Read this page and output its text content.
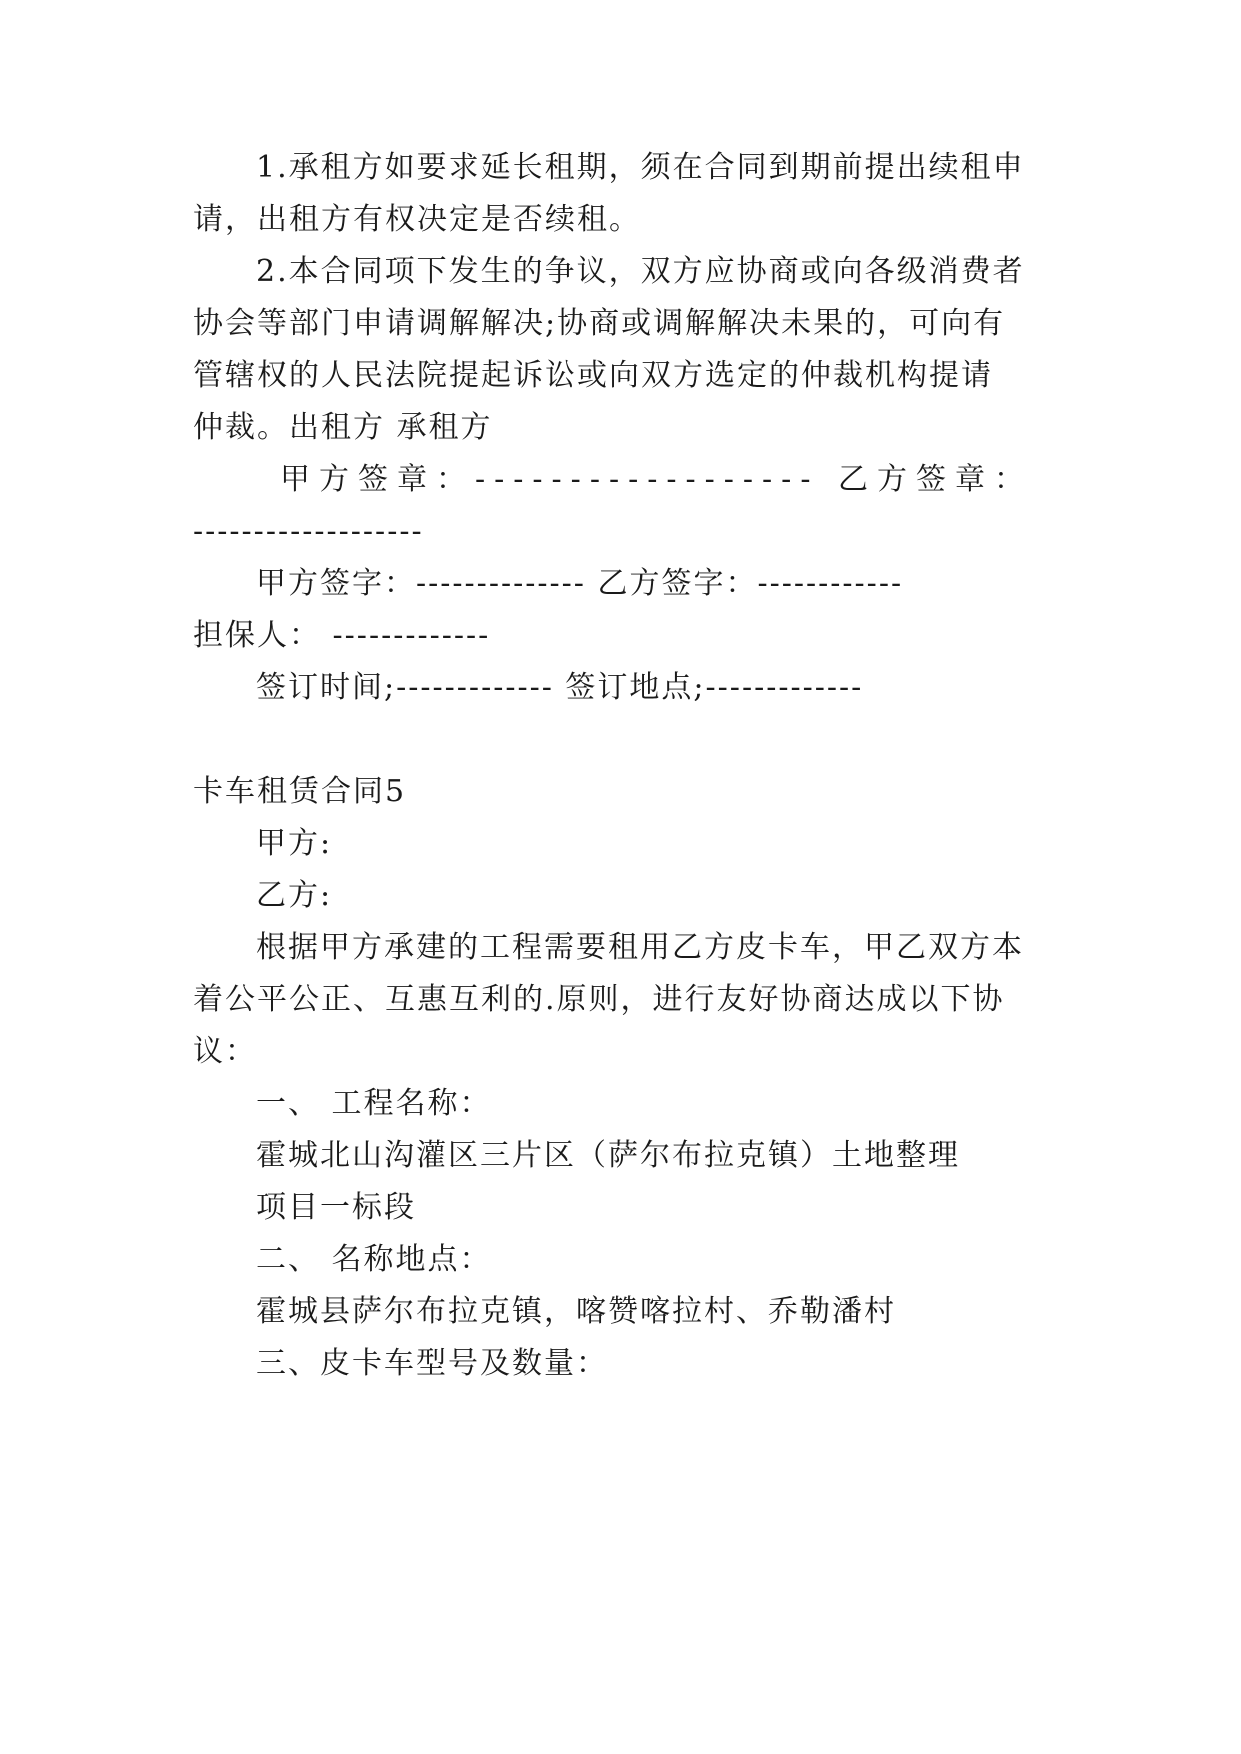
1.承租方如要求延长租期，须在合同到期前提出续租申
请，出租方有权决定是否续租。
2.本合同项下发生的争议，双方应协商或向各级消费者
协会等部门申请调解解决;协商或调解解决未果的，可向有
管辖权的人民法院提起诉讼或向双方选定的仲裁机构提请
仲裁。出租方 承租方
甲方签章：------------------ 乙方签章：
-------------------
甲方签字：-------------- 乙方签字：------------
担保人： -------------
签订时间;------------- 签订地点;-------------
卡车租赁合同5
甲方:
乙方:
根据甲方承建的工程需要租用乙方皮卡车，甲乙双方本
着公平公正、互惠互利的.原则，进行友好协商达成以下协
议：
一、 工程名称：
霍城北山沟灌区三片区（萨尔布拉克镇）土地整理
项目一标段
二、 名称地点：
霍城县萨尔布拉克镇，喀赞喀拉村、乔勒潘村
三、皮卡车型号及数量：
